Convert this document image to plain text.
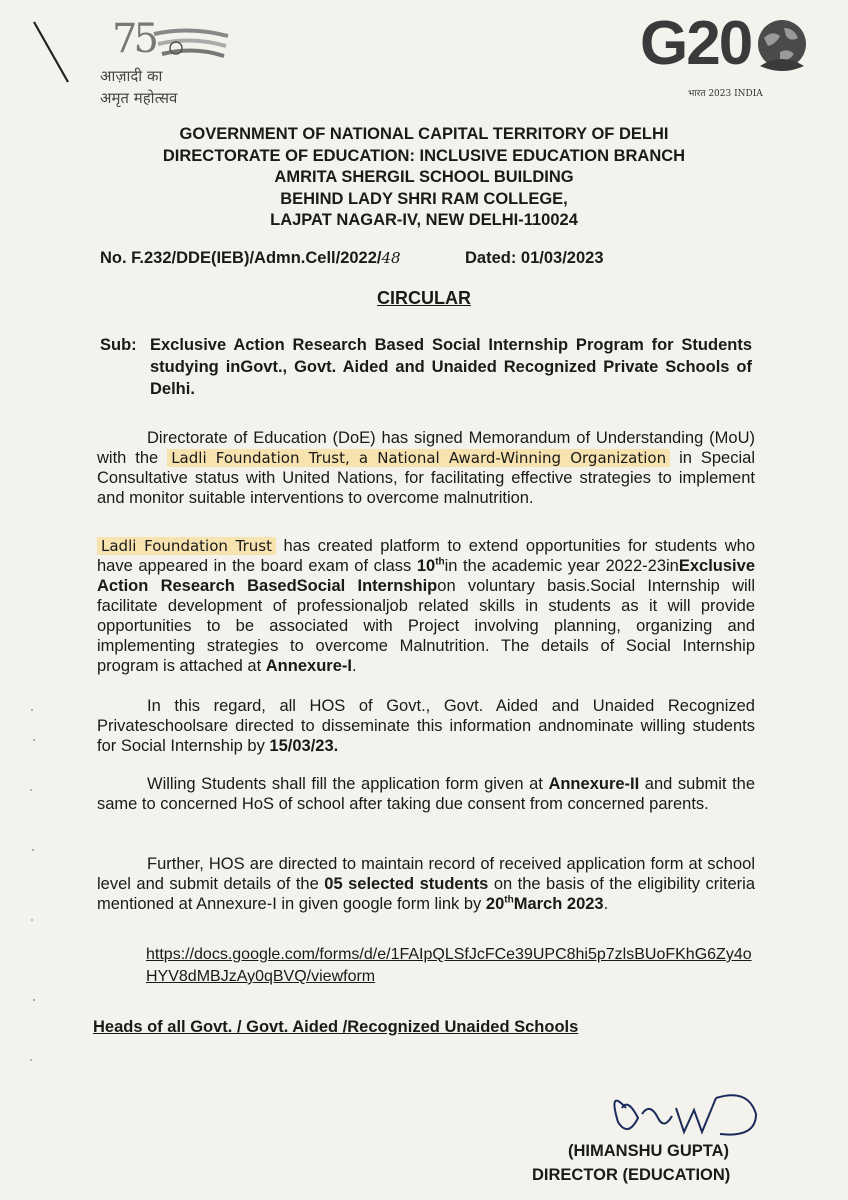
75
आज़ादी का
अमृत महोत्सव
G20
भारत 2023 INDIA
GOVERNMENT OF NATIONAL CAPITAL TERRITORY OF DELHI
DIRECTORATE OF EDUCATION: INCLUSIVE EDUCATION BRANCH
AMRITA SHERGIL SCHOOL BUILDING
BEHIND LADY SHRI RAM COLLEGE,
LAJPAT NAGAR-IV, NEW DELHI-110024
No. F.232/DDE(IEB)/Admn.Cell/2022/48	Dated: 01/03/2023
CIRCULAR
Sub: Exclusive Action Research Based Social Internship Program for Students studying inGovt., Govt. Aided and Unaided Recognized Private Schools of Delhi.
Directorate of Education (DoE) has signed Memorandum of Understanding (MoU) with the Ladli Foundation Trust, a National Award-Winning Organization in Special Consultative status with United Nations, for facilitating effective strategies to implement and monitor suitable interventions to overcome malnutrition.
Ladli Foundation Trust has created platform to extend opportunities for students who have appeared in the board exam of class 10thin the academic year 2022-23inExclusive Action Research BasedSocial Internshipon voluntary basis.Social Internship will facilitate development of professionaljob related skills in students as it will provide opportunities to be associated with Project involving planning, organizing and implementing strategies to overcome Malnutrition. The details of Social Internship program is attached at Annexure-I.
In this regard, all HOS of Govt., Govt. Aided and Unaided Recognized Privateschoolsare directed to disseminate this information andnominate willing students for Social Internship by 15/03/23.
Willing Students shall fill the application form given at Annexure-II and submit the same to concerned HoS of school after taking due consent from concerned parents.
Further, HOS are directed to maintain record of received application form at school level and submit details of the 05 selected students on the basis of the eligibility criteria mentioned at Annexure-I in given google form link by 20thMarch 2023.
https://docs.google.com/forms/d/e/1FAIpQLSfJcFCe39UPC8hi5p7zlsBUoFKhG6Zy4oHYV8dMBJzAy0qBVQ/viewform
Heads of all Govt. / Govt. Aided /Recognized Unaided Schools
(HIMANSHU GUPTA)
DIRECTOR (EDUCATION)
